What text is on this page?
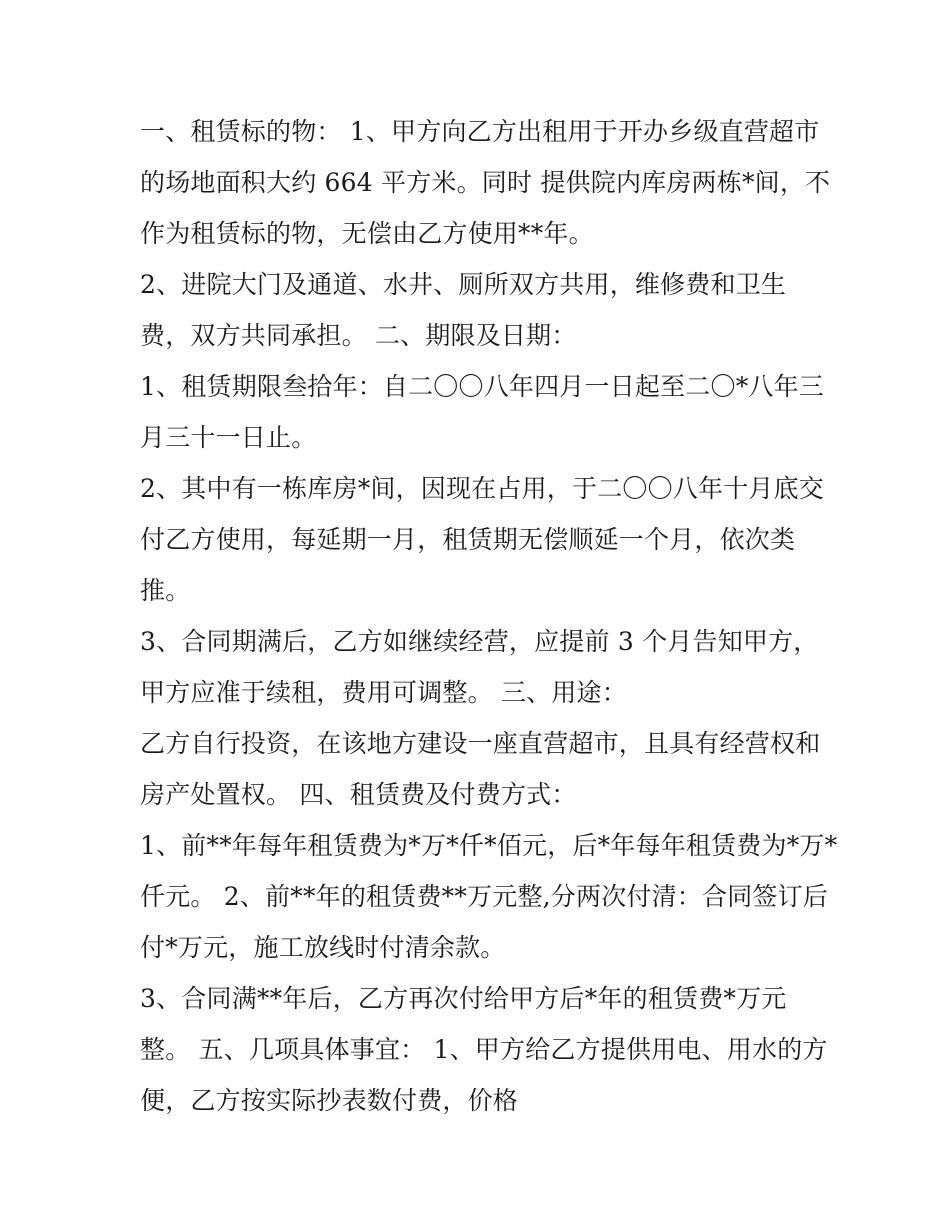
一、租赁标的物： 1、甲方向乙方出租用于开办乡级直营超市
的场地面积大约 664 平方米。同时 提供院内库房两栋*间，不
作为租赁标的物，无偿由乙方使用**年。
2、进院大门及通道、水井、厕所双方共用，维修费和卫生
费，双方共同承担。 二、期限及日期：
1、租赁期限叁拾年：自二〇〇八年四月一日起至二〇*八年三
月三十一日止。
2、其中有一栋库房*间，因现在占用，于二〇〇八年十月底交
付乙方使用，每延期一月，租赁期无偿顺延一个月，依次类
推。
3、合同期满后，乙方如继续经营，应提前 3 个月告知甲方，
甲方应准于续租，费用可调整。 三、用途：
乙方自行投资，在该地方建设一座直营超市，且具有经营权和
房产处置权。 四、租赁费及付费方式：
1、前**年每年租赁费为*万*仟*佰元，后*年每年租赁费为*万*
仟元。 2、前**年的租赁费**万元整,分两次付清：合同签订后
付*万元，施工放线时付清余款。
3、合同满**年后，乙方再次付给甲方后*年的租赁费*万元
整。 五、几项具体事宜： 1、甲方给乙方提供用电、用水的方
便，乙方按实际抄表数付费，价格
